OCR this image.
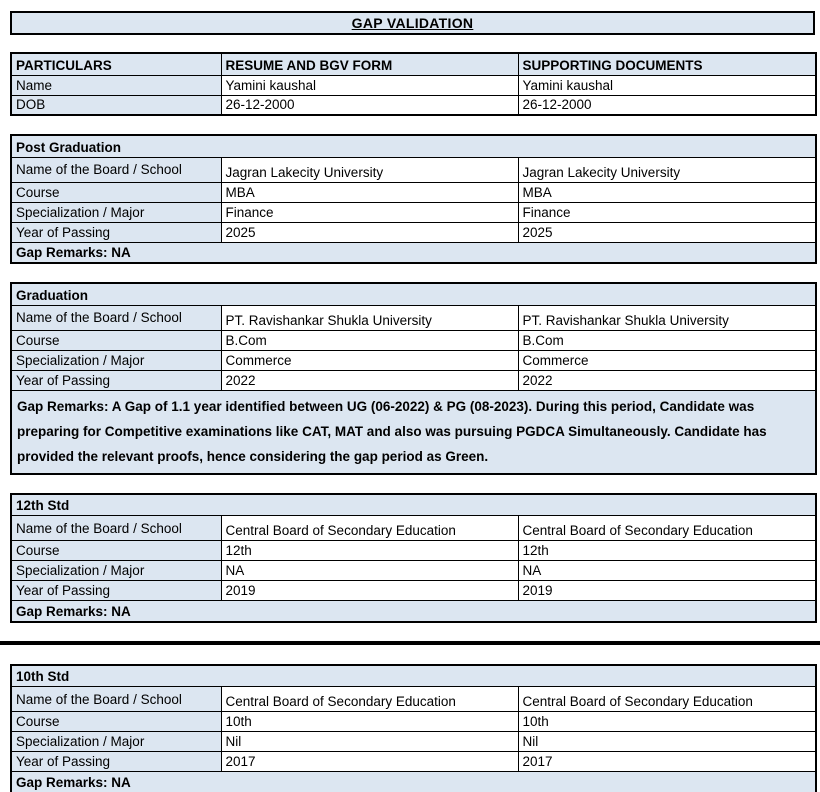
GAP VALIDATION
PARTICULARS	RESUME AND BGV FORM	SUPPORTING DOCUMENTS
Name	Yamini kaushal	Yamini kaushal
DOB	26-12-2000	26-12-2000
Post Graduation		
Name of the Board / School	Jagran Lakecity University	Jagran Lakecity University
Course	MBA	MBA
Specialization / Major	Finance	Finance
Year of Passing	2025	2025
Gap Remarks: NA		
Graduation		
Name of the Board / School	PT. Ravishankar Shukla University	PT. Ravishankar Shukla University
Course	B.Com	B.Com
Specialization / Major	Commerce	Commerce
Year of Passing	2022	2022
Gap Remarks: A Gap of 1.1 year identified between UG (06-2022) & PG (08-2023). During this period, Candidate was preparing for Competitive examinations like CAT, MAT and also was pursuing PGDCA Simultaneously. Candidate has provided the relevant proofs, hence considering the gap period as Green.		
12th Std		
Name of the Board / School	Central Board of Secondary Education	Central Board of Secondary Education
Course	12th	12th
Specialization / Major	NA	NA
Year of Passing	2019	2019
Gap Remarks: NA		
10th Std		
Name of the Board / School	Central Board of Secondary Education	Central Board of Secondary Education
Course	10th	10th
Specialization / Major	Nil	Nil
Year of Passing	2017	2017
Gap Remarks: NA		
